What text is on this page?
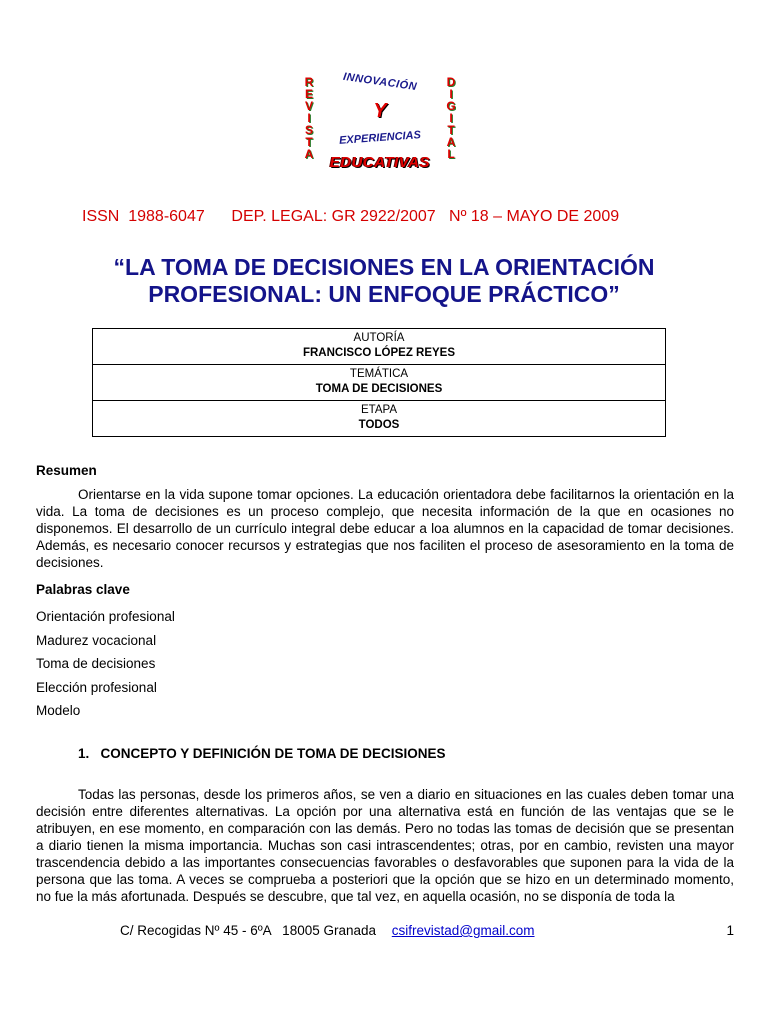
R
E
V
I
S
T
A
D
I
G
I
T
A
L
INNOVACIÓN
Y
EXPERIENCIAS
EDUCATIVAS
ISSN  1988-6047 DEP. LEGAL: GR 2922/2007 Nº 18 – MAYO DE 2009
“LA TOMA DE DECISIONES EN LA ORIENTACIÓN
PROFESIONAL: UN ENFOQUE PRÁCTICO”
AUTORÍA
FRANCISCO LÓPEZ REYES

TEMÁTICA
TOMA DE DECISIONES

ETAPA
TODOS
Resumen
Orientarse en la vida supone tomar opciones. La educación orientadora debe facilitarnos la orientación en la vida. La toma de decisiones es un proceso complejo, que necesita información de la que en ocasiones no disponemos. El desarrollo de un currículo integral debe educar a loa alumnos en la capacidad de tomar decisiones. Además, es necesario conocer recursos y estrategias que nos faciliten el proceso de asesoramiento en la toma de decisiones.
Palabras clave
Orientación profesional
Madurez vocacional
Toma de decisiones
Elección profesional
Modelo
1.   CONCEPTO Y DEFINICIÓN DE TOMA DE DECISIONES
Todas las personas, desde los primeros años, se ven a diario en situaciones en las cuales deben tomar una decisión entre diferentes alternativas. La opción por una alternativa está en función de las ventajas que se le atribuyen, en ese momento, en comparación con las demás. Pero no todas las tomas de decisión que se presentan a diario tienen la misma importancia. Muchas son casi intrascendentes; otras, por en cambio, revisten una mayor trascendencia debido a las importantes consecuencias favorables o desfavorables que suponen para la vida de la persona que las toma. A veces se comprueba a posteriori que la opción que se hizo en un determinado momento, no fue la más afortunada. Después se descubre, que tal vez, en aquella ocasión, no se disponía de toda la
C/ Recogidas Nº 45 - 6ºA   18005 Granada csifrevistad@gmail.com	1
